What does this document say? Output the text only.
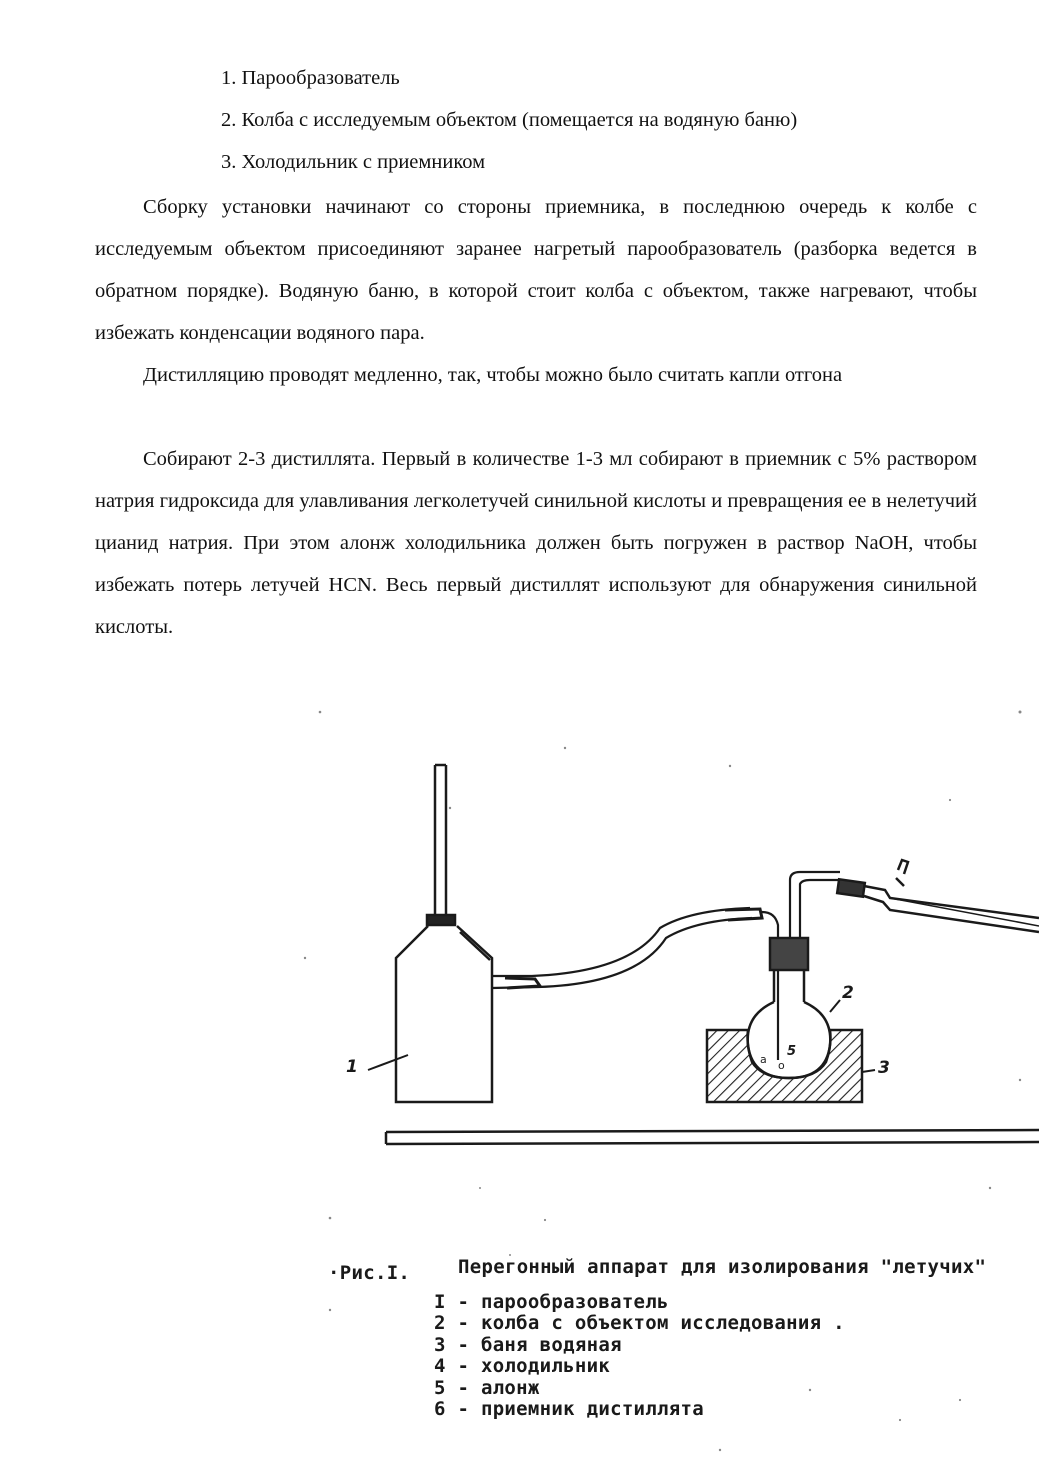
1. Парообразователь
2. Колба с исследуемым объектом (помещается на водяную баню)
3. Холодильник с приемником

Сборку установки начинают со стороны приемника, в последнюю очередь к колбе с исследуемым объектом присоединяют заранее нагретый парообразователь (разборка ведется в обратном порядке). Водяную баню, в которой стоит колба с объектом, также нагревают, чтобы избежать конденсации водяного пара.

Дистилляцию проводят медленно, так, чтобы можно было считать капли отгона

Собирают 2-3 дистиллята. Первый в количестве 1-3 мл собирают в приемник с 5% раствором натрия гидроксида для улавливания легколетучей синильной кислоты и превращения ее в нелетучий цианид натрия. При этом алонж холодильника должен быть погружен в раствор NaOH, чтобы избежать потерь летучей HCN. Весь первый дистиллят используют для обнаружения синильной кислоты.

a o
1
2
3
5
·Рис.I.	Перегонный аппарат для изолирования "летучих"
I - парообразователь
2 - колба с объектом исследования .
3 - баня водяная
4 - холодильник
5 - алонж
6 - приемник дистиллята
